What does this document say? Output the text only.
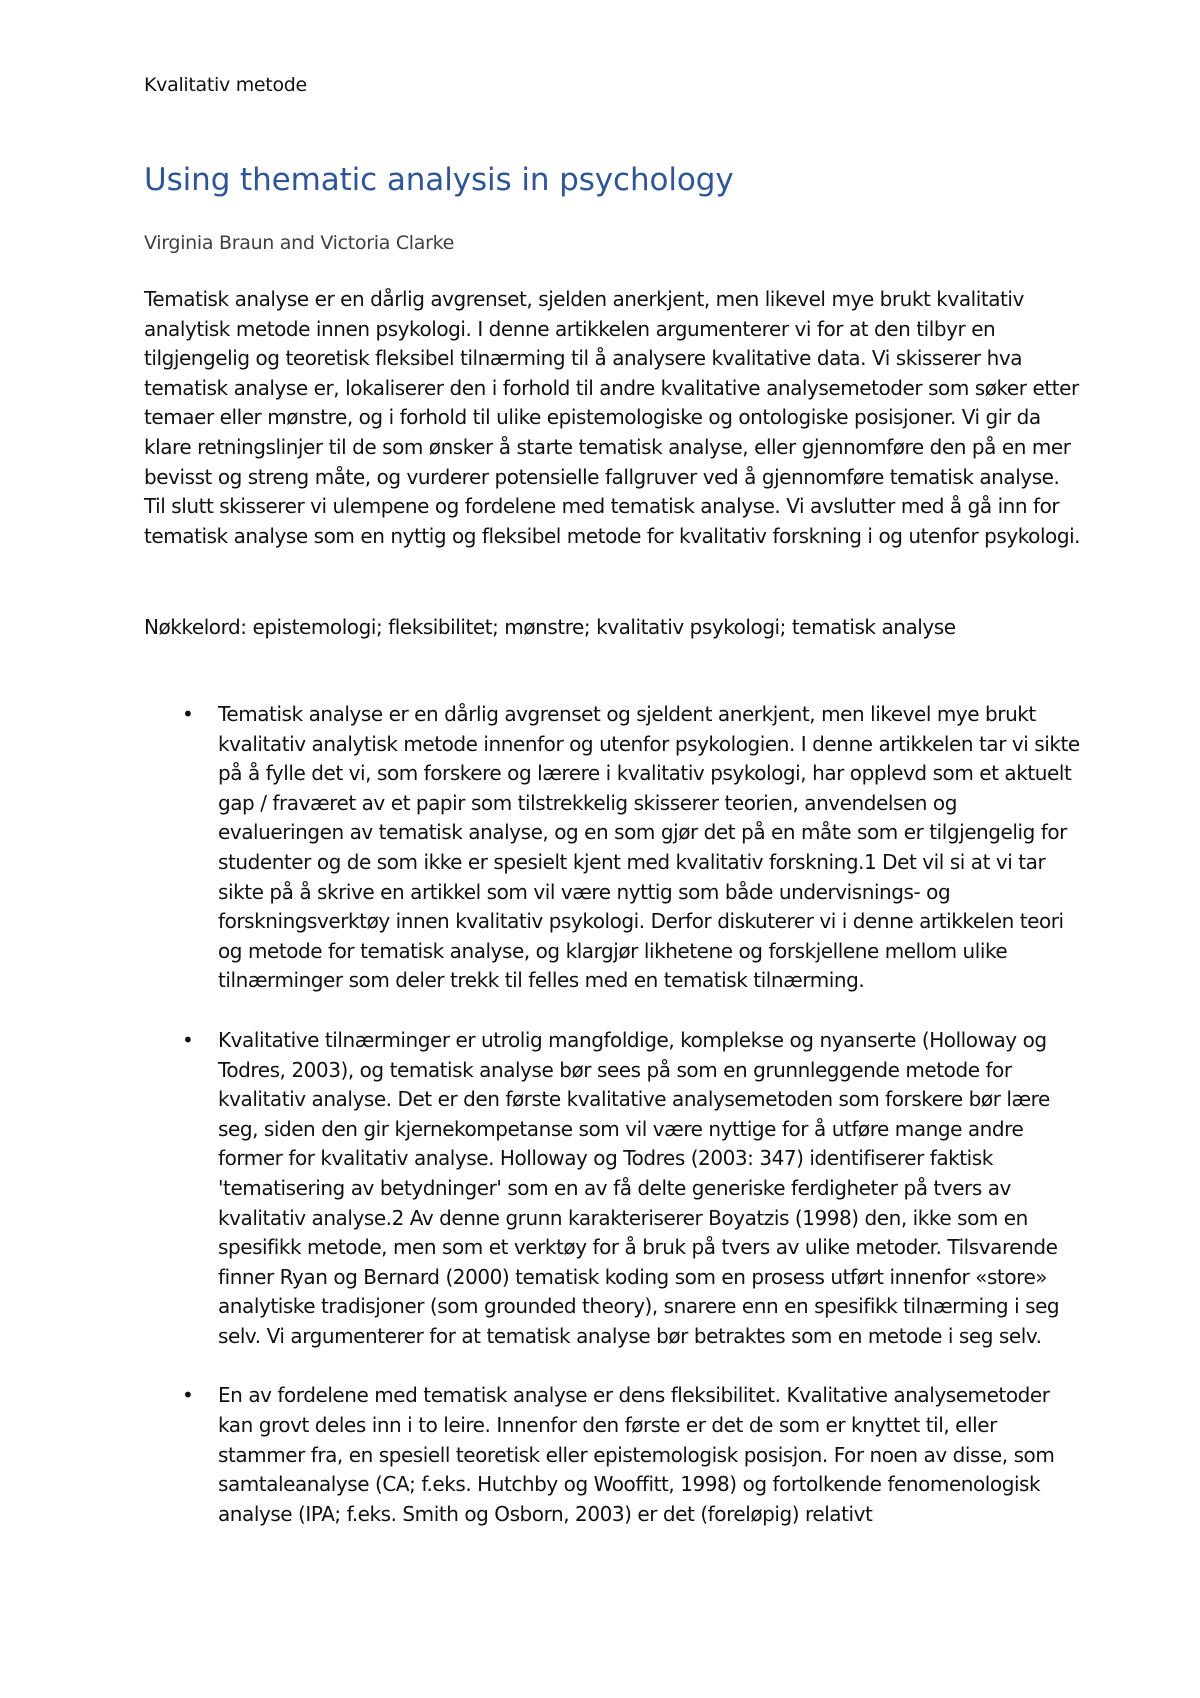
Kvalitativ metode
Using thematic analysis in psychology
Virginia Braun and Victoria Clarke

Tematisk analyse er en dårlig avgrenset, sjelden anerkjent, men likevel mye brukt kvalitativ analytisk metode innen psykologi. I denne artikkelen argumenterer vi for at den tilbyr en tilgjengelig og teoretisk fleksibel tilnærming til å analysere kvalitative data. Vi skisserer hva tematisk analyse er, lokaliserer den i forhold til andre kvalitative analysemetoder som søker etter temaer eller mønstre, og i forhold til ulike epistemologiske og ontologiske posisjoner. Vi gir da klare retningslinjer til de som ønsker å starte tematisk analyse, eller gjennomføre den på en mer bevisst og streng måte, og vurderer potensielle fallgruver ved å gjennomføre tematisk analyse. Til slutt skisserer vi ulempene og fordelene med tematisk analyse. Vi avslutter med å gå inn for tematisk analyse som en nyttig og fleksibel metode for kvalitativ forskning i og utenfor psykologi.

Nøkkelord: epistemologi; fleksibilitet; mønstre; kvalitativ psykologi; tematisk analyse

• Tematisk analyse er en dårlig avgrenset og sjeldent anerkjent, men likevel mye brukt kvalitativ analytisk metode innenfor og utenfor psykologien. I denne artikkelen tar vi sikte på å fylle det vi, som forskere og lærere i kvalitativ psykologi, har opplevd som et aktuelt gap / fraværet av et papir som tilstrekkelig skisserer teorien, anvendelsen og evalueringen av tematisk analyse, og en som gjør det på en måte som er tilgjengelig for studenter og de som ikke er spesielt kjent med kvalitativ forskning.1 Det vil si at vi tar sikte på å skrive en artikkel som vil være nyttig som både undervisnings- og forskningsverktøy innen kvalitativ psykologi. Derfor diskuterer vi i denne artikkelen teori og metode for tematisk analyse, og klargjør likhetene og forskjellene mellom ulike tilnærminger som deler trekk til felles med en tematisk tilnærming.
• Kvalitative tilnærminger er utrolig mangfoldige, komplekse og nyanserte (Holloway og Todres, 2003), og tematisk analyse bør sees på som en grunnleggende metode for kvalitativ analyse. Det er den første kvalitative analysemetoden som forskere bør lære seg, siden den gir kjernekompetanse som vil være nyttige for å utføre mange andre former for kvalitativ analyse. Holloway og Todres (2003: 347) identifiserer faktisk 'tematisering av betydninger' som en av få delte generiske ferdigheter på tvers av kvalitativ analyse.2 Av denne grunn karakteriserer Boyatzis (1998) den, ikke som en spesifikk metode, men som et verktøy for å bruk på tvers av ulike metoder. Tilsvarende finner Ryan og Bernard (2000) tematisk koding som en prosess utført innenfor «store» analytiske tradisjoner (som grounded theory), snarere enn en spesifikk tilnærming i seg selv. Vi argumenterer for at tematisk analyse bør betraktes som en metode i seg selv.
• En av fordelene med tematisk analyse er dens fleksibilitet. Kvalitative analysemetoder kan grovt deles inn i to leire. Innenfor den første er det de som er knyttet til, eller stammer fra, en spesiell teoretisk eller epistemologisk posisjon. For noen av disse, som samtaleanalyse (CA; f.eks. Hutchby og Wooffitt, 1998) og fortolkende fenomenologisk analyse (IPA; f.eks. Smith og Osborn, 2003) er det (foreløpig) relativt
